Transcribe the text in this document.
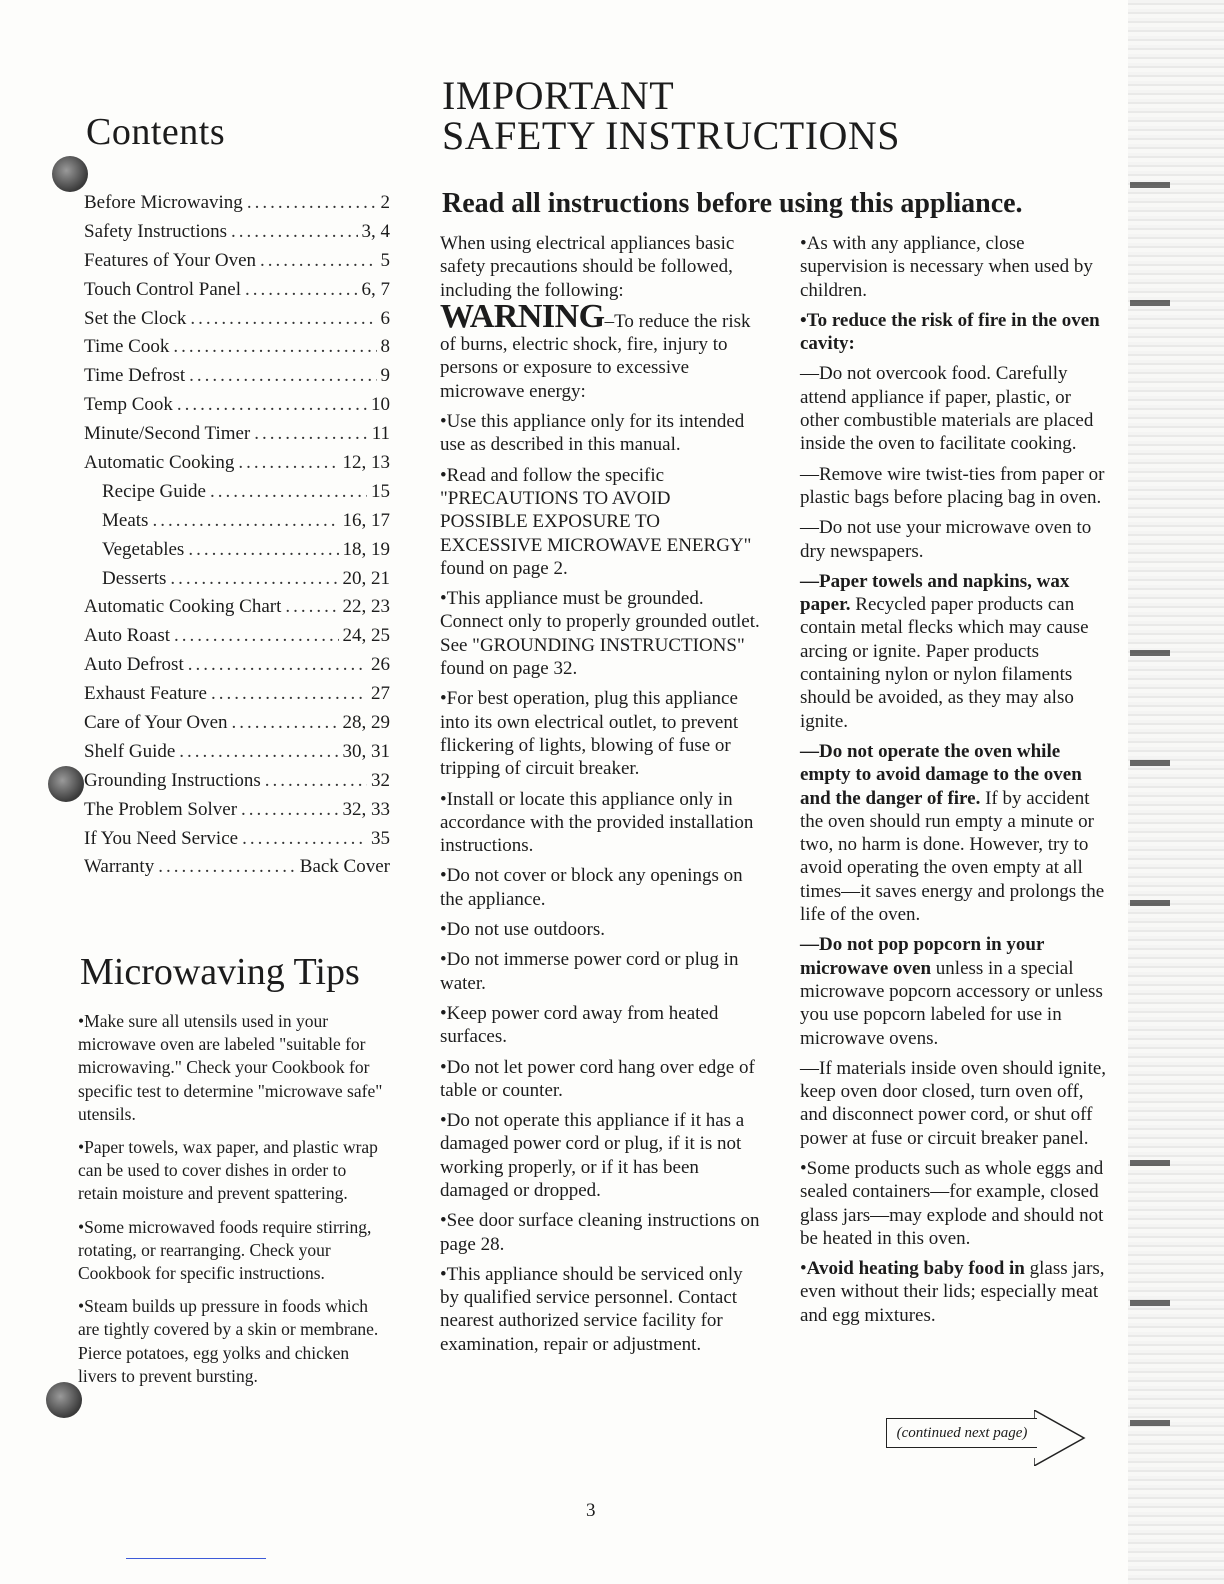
Contents
Before Microwaving .....	2
Safety Instructions .....	3, 4
Features of Your Oven .....	5
Touch Control Panel .....	6, 7
Set the Clock .....	6
Time Cook .....	8
Time Defrost .....	9
Temp Cook .....	10
Minute/Second Timer .....	11
Automatic Cooking .....	12, 13
Recipe Guide .....	15
Meats .....	16, 17
Vegetables .....	18, 19
Desserts .....	20, 21
Automatic Cooking Chart .....	22, 23
Auto Roast .....	24, 25
Auto Defrost .....	26
Exhaust Feature .....	27
Care of Your Oven .....	28, 29
Shelf Guide .....	30, 31
Grounding Instructions .....	32
The Problem Solver .....	32, 33
If You Need Service .....	35
Warranty .....	Back Cover
Microwaving Tips

• Make sure all utensils used in your microwave oven are labeled "suitable for microwaving." Check your Cookbook for specific test to determine "microwave safe" utensils.

• Paper towels, wax paper, and plastic wrap can be used to cover dishes in order to retain moisture and prevent spattering.

• Some microwaved foods require stirring, rotating, or rearranging. Check your Cookbook for specific instructions.

• Steam builds up pressure in foods which are tightly covered by a skin or membrane. Pierce potatoes, egg yolks and chicken livers to prevent bursting.

IMPORTANT
SAFETY INSTRUCTIONS
Read all instructions before using this appliance.

When using electrical appliances basic safety precautions should be followed, including the following:

WARNING–To reduce the risk of burns, electric shock, fire, injury to persons or exposure to excessive microwave energy:

• Use this appliance only for its intended use as described in this manual.

• Read and follow the specific "PRECAUTIONS TO AVOID POSSIBLE EXPOSURE TO EXCESSIVE MICROWAVE ENERGY" found on page 2.

• This appliance must be grounded. Connect only to properly grounded outlet. See "GROUNDING INSTRUCTIONS" found on page 32.

• For best operation, plug this appliance into its own electrical outlet, to prevent flickering of lights, blowing of fuse or tripping of circuit breaker.

• Install or locate this appliance only in accordance with the provided installation instructions.

• Do not cover or block any openings on the appliance.

• Do not use outdoors.

• Do not immerse power cord or plug in water.

• Keep power cord away from heated surfaces.

• Do not let power cord hang over edge of table or counter.

• Do not operate this appliance if it has a damaged power cord or plug, if it is not working properly, or if it has been damaged or dropped.

• See door surface cleaning instructions on page 28.

• This appliance should be serviced only by qualified service personnel. Contact nearest authorized service facility for examination, repair or adjustment.

• As with any appliance, close supervision is necessary when used by children.

• To reduce the risk of fire in the oven cavity:

—Do not overcook food. Carefully attend appliance if paper, plastic, or other combustible materials are placed inside the oven to facilitate cooking.

—Remove wire twist-ties from paper or plastic bags before placing bag in oven.

—Do not use your microwave oven to dry newspapers.

—Paper towels and napkins, wax paper. Recycled paper products can contain metal flecks which may cause arcing or ignite. Paper products containing nylon or nylon filaments should be avoided, as they may also ignite.

—Do not operate the oven while empty to avoid damage to the oven and the danger of fire. If by accident the oven should run empty a minute or two, no harm is done. However, try to avoid operating the oven empty at all times—it saves energy and prolongs the life of the oven.

—Do not pop popcorn in your microwave oven unless in a special microwave popcorn accessory or unless you use popcorn labeled for use in microwave ovens.

—If materials inside oven should ignite, keep oven door closed, turn oven off, and disconnect power cord, or shut off power at fuse or circuit breaker panel.

• Some products such as whole eggs and sealed containers—for example, closed glass jars—may explode and should not be heated in this oven.

• Avoid heating baby food in glass jars, even without their lids; especially meat and egg mixtures.

(continued next page)
3
